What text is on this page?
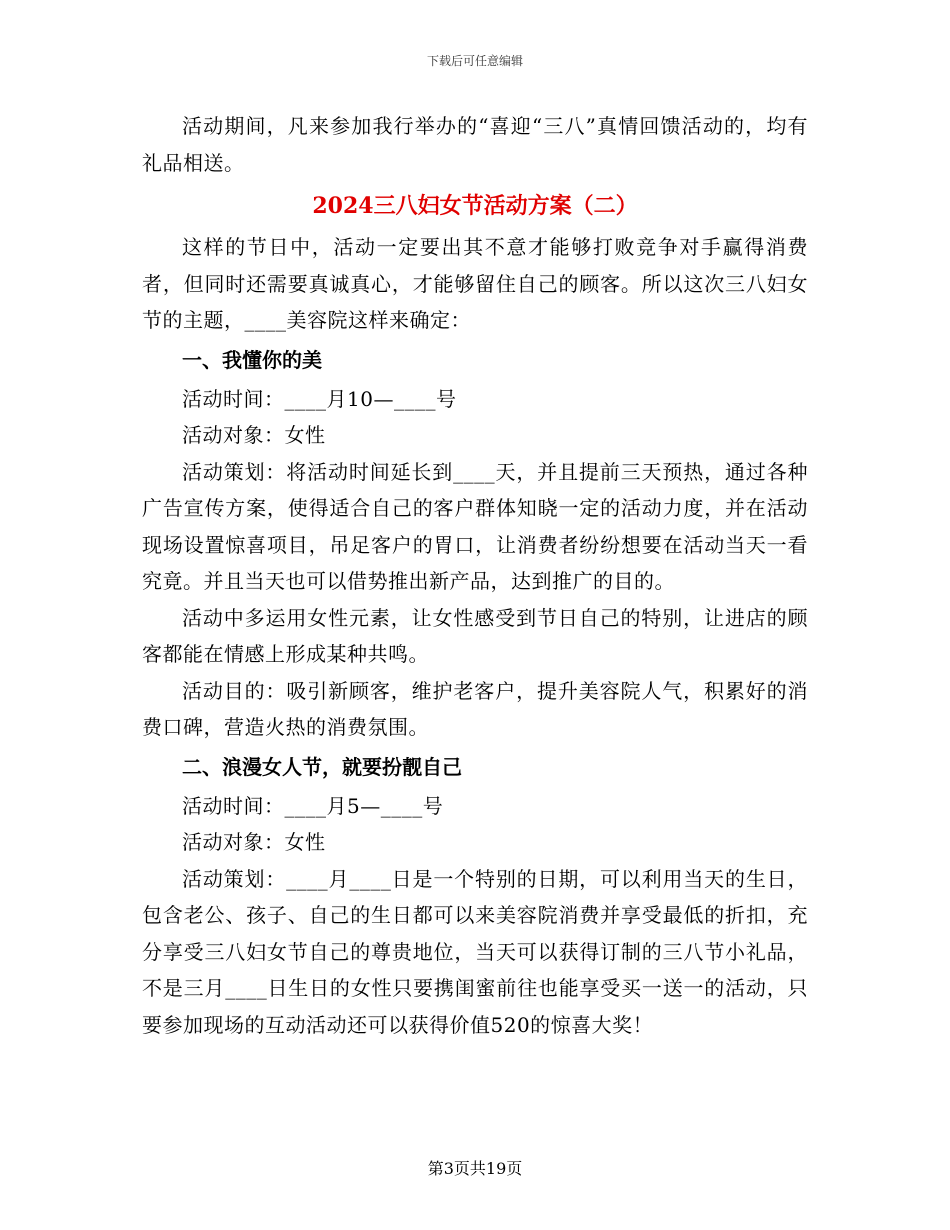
下载后可任意编辑

活动期间，凡来参加我行举办的“喜迎“三八”真情回馈活动的，均有礼品相送。

2024三八妇女节活动方案（二）

这样的节日中，活动一定要出其不意才能够打败竞争对手赢得消费者，但同时还需要真诚真心，才能够留住自己的顾客。所以这次三八妇女节的主题，____美容院这样来确定：

一、我懂你的美

活动时间：____月10—____号

活动对象：女性

活动策划：将活动时间延长到____天，并且提前三天预热，通过各种广告宣传方案，使得适合自己的客户群体知晓一定的活动力度，并在活动现场设置惊喜项目，吊足客户的胃口，让消费者纷纷想要在活动当天一看究竟。并且当天也可以借势推出新产品，达到推广的目的。

活动中多运用女性元素，让女性感受到节日自己的特别，让进店的顾客都能在情感上形成某种共鸣。

活动目的：吸引新顾客，维护老客户，提升美容院人气，积累好的消费口碑，营造火热的消费氛围。

二、浪漫女人节，就要扮靓自己

活动时间：____月5—____号

活动对象：女性

活动策划：____月____日是一个特别的日期，可以利用当天的生日，包含老公、孩子、自己的生日都可以来美容院消费并享受最低的折扣，充分享受三八妇女节自己的尊贵地位，当天可以获得订制的三八节小礼品，不是三月____日生日的女性只要携闺蜜前往也能享受买一送一的活动，只要参加现场的互动活动还可以获得价值520的惊喜大奖！

第3页共19页
